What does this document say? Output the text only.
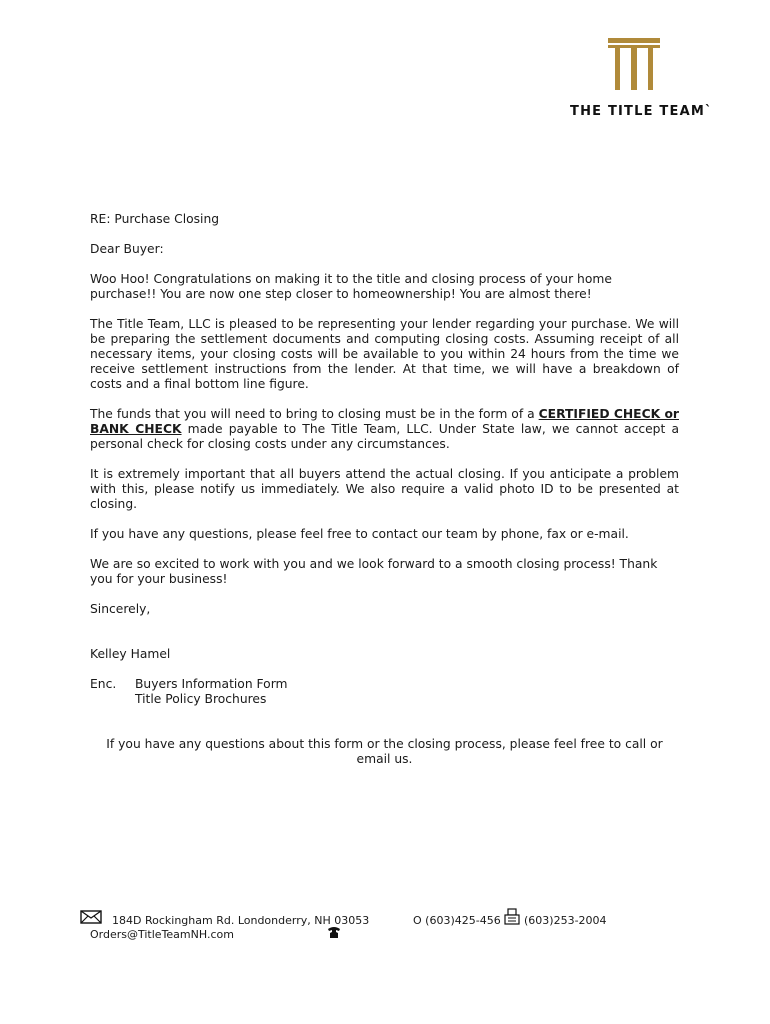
THE TITLE TEAM`

RE: Purchase Closing

Dear Buyer:

Woo Hoo! Congratulations on making it to the title and closing process of your home purchase!! You are now one step closer to homeownership! You are almost there!

The Title Team, LLC is pleased to be representing your lender regarding your purchase. We will be preparing the settlement documents and computing closing costs. Assuming receipt of all necessary items, your closing costs will be available to you within 24 hours from the time we receive settlement instructions from the lender. At that time, we will have a breakdown of costs and a final bottom line figure.

The funds that you will need to bring to closing must be in the form of a CERTIFIED CHECK or BANK CHECK made payable to The Title Team, LLC. Under State law, we cannot accept a personal check for closing costs under any circumstances.

It is extremely important that all buyers attend the actual closing. If you anticipate a problem with this, please notify us immediately. We also require a valid photo ID to be presented at closing.

If you have any questions, please feel free to contact our team by phone, fax or e-mail.

We are so excited to work with you and we look forward to a smooth closing process! Thank you for your business!

Sincerely,

Kelley Hamel

Enc.	Buyers Information Form
Title Policy Brochures

If you have any questions about this form or the closing process, please feel free to call or email us.

184D Rockingham Rd. Londonderry, NH 03053
Orders@TitleTeamNH.com
O (603)425-456 (603)253-2004
